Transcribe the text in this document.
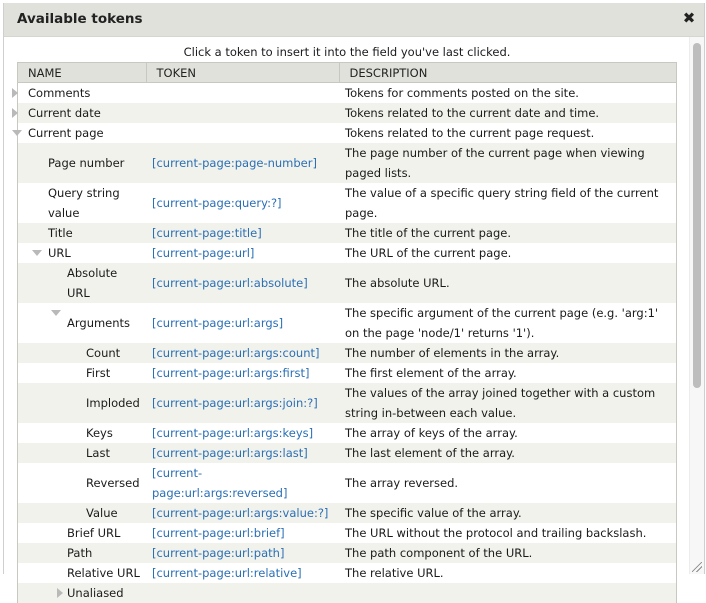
Available tokens	✖
Click a token to insert it into the field you've last clicked.
NAME	TOKEN	DESCRIPTION

Comments		Tokens for comments posted on the site.

Current date		Tokens related to the current date and time.

Current page		Tokens related to the current page request.
Page number	[current-page:page-number]	The page number of the current page when viewing paged lists.
Query string value	[current-page:query:?]	The value of a specific query string field of the current page.
Title	[current-page:title]	The title of the current page.

URL	[current-page:url]	The URL of the current page.
Absolute URL	[current-page:url:absolute]	The absolute URL.

Arguments	[current-page:url:args]	The specific argument of the current page (e.g. 'arg:1' on the page 'node/1' returns '1').
Count	[current-page:url:args:count]	The number of elements in the array.
First	[current-page:url:args:first]	The first element of the array.
Imploded	[current-page:url:args:join:?]	The values of the array joined together with a custom string in-between each value.
Keys	[current-page:url:args:keys]	The array of keys of the array.
Last	[current-page:url:args:last]	The last element of the array.
Reversed	[current-page:url:args:reversed]	The array reversed.
Value	[current-page:url:args:value:?]	The specific value of the array.
Brief URL	[current-page:url:brief]	The URL without the protocol and trailing backslash.
Path	[current-page:url:path]	The path component of the URL.
Relative URL	[current-page:url:relative]	The relative URL.

Unaliased		
